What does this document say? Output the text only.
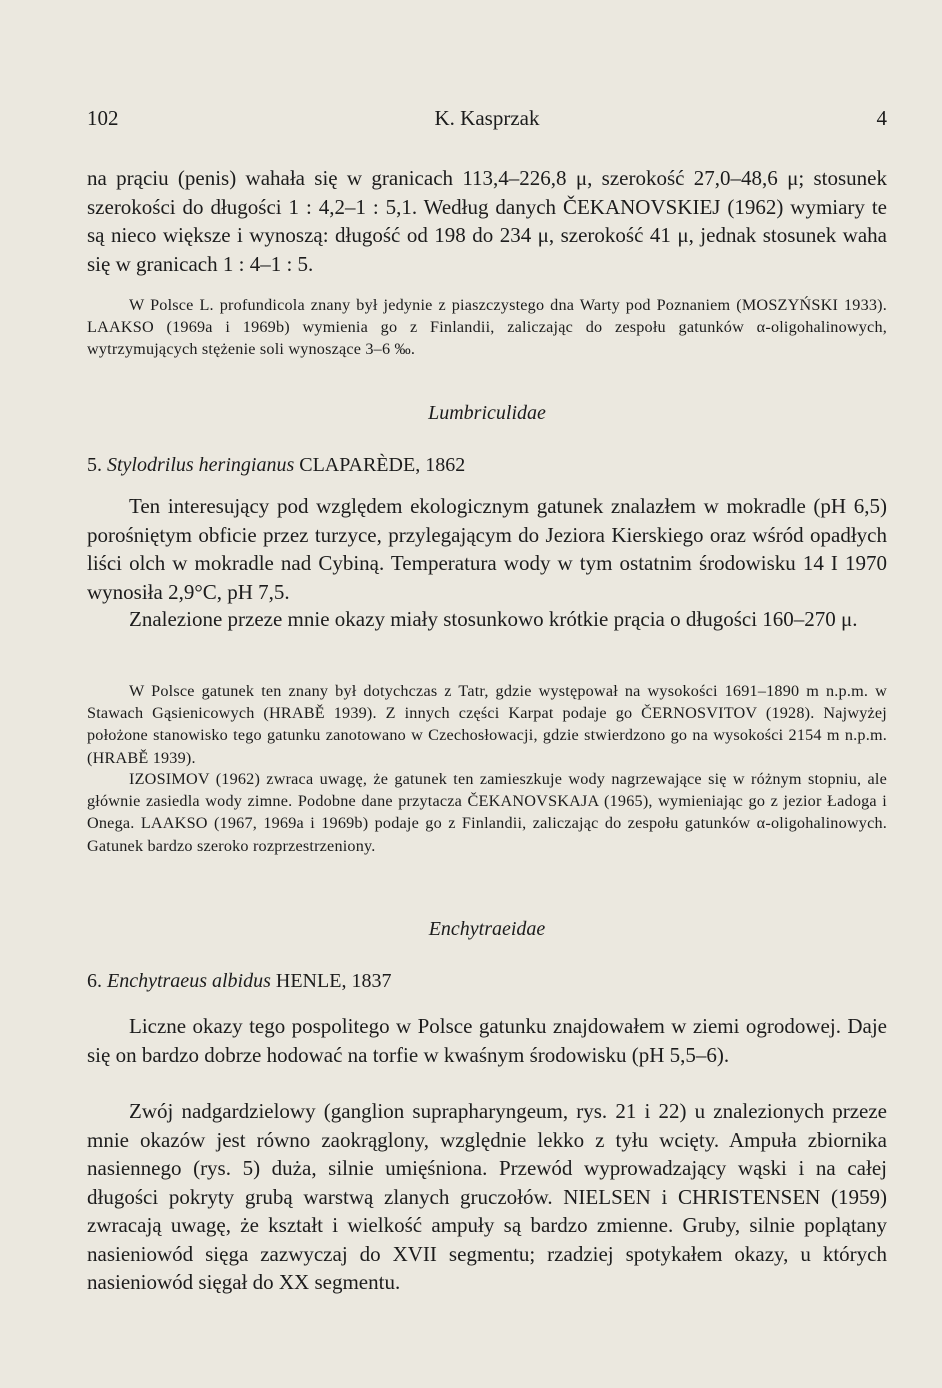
102	K. Kasprzak	4

na prąciu (penis) wahała się w granicach 113,4–226,8 μ, szerokość 27,0–48,6 μ; stosunek szerokości do długości 1 : 4,2–1 : 5,1. Według danych ČEKANOVSKIEJ (1962) wymiary te są nieco większe i wynoszą: długość od 198 do 234 μ, szerokość 41 μ, jednak stosunek waha się w granicach 1 : 4–1 : 5.

W Polsce L. profundicola znany był jedynie z piaszczystego dna Warty pod Poznaniem (MOSZYŃSKI 1933). LAAKSO (1969a i 1969b) wymienia go z Finlandii, zaliczając do zespołu gatunków α-oligohalinowych, wytrzymujących stężenie soli wynoszące 3–6 ‰.

Lumbriculidae
5. Stylodrilus heringianus CLAPARÈDE, 1862

Ten interesujący pod względem ekologicznym gatunek znalazłem w mokradle (pH 6,5) porośniętym obficie przez turzyce, przylegającym do Jeziora Kierskiego oraz wśród opadłych liści olch w mokradle nad Cybiną. Temperatura wody w tym ostatnim środowisku 14 I 1970 wynosiła 2,9°C, pH 7,5.

Znalezione przeze mnie okazy miały stosunkowo krótkie prącia o długości 160–270 μ.

W Polsce gatunek ten znany był dotychczas z Tatr, gdzie występował na wysokości 1691–1890 m n.p.m. w Stawach Gąsienicowych (HRABĚ 1939). Z innych części Karpat podaje go ČERNOSVITOV (1928). Najwyżej położone stanowisko tego gatunku zanotowano w Czechosłowacji, gdzie stwierdzono go na wysokości 2154 m n.p.m. (HRABĚ 1939).

IZOSIMOV (1962) zwraca uwagę, że gatunek ten zamieszkuje wody nagrzewające się w różnym stopniu, ale głównie zasiedla wody zimne. Podobne dane przytacza ČEKANOVSKAJA (1965), wymieniając go z jezior Ładoga i Onega. LAAKSO (1967, 1969a i 1969b) podaje go z Finlandii, zaliczając do zespołu gatunków α-oligohalinowych. Gatunek bardzo szeroko rozprzestrzeniony.

Enchytraeidae
6. Enchytraeus albidus HENLE, 1837

Liczne okazy tego pospolitego w Polsce gatunku znajdowałem w ziemi ogrodowej. Daje się on bardzo dobrze hodować na torfie w kwaśnym środowisku (pH 5,5–6).

Zwój nadgardzielowy (ganglion suprapharyngeum, rys. 21 i 22) u znalezionych przeze mnie okazów jest równo zaokrąglony, względnie lekko z tyłu wcięty. Ampuła zbiornika nasiennego (rys. 5) duża, silnie umięśniona. Przewód wyprowadzający wąski i na całej długości pokryty grubą warstwą zlanych gruczołów. NIELSEN i CHRISTENSEN (1959) zwracają uwagę, że kształt i wielkość ampuły są bardzo zmienne. Gruby, silnie poplątany nasieniowód sięga zazwyczaj do XVII segmentu; rzadziej spotykałem okazy, u których nasieniowód sięgał do XX segmentu.
